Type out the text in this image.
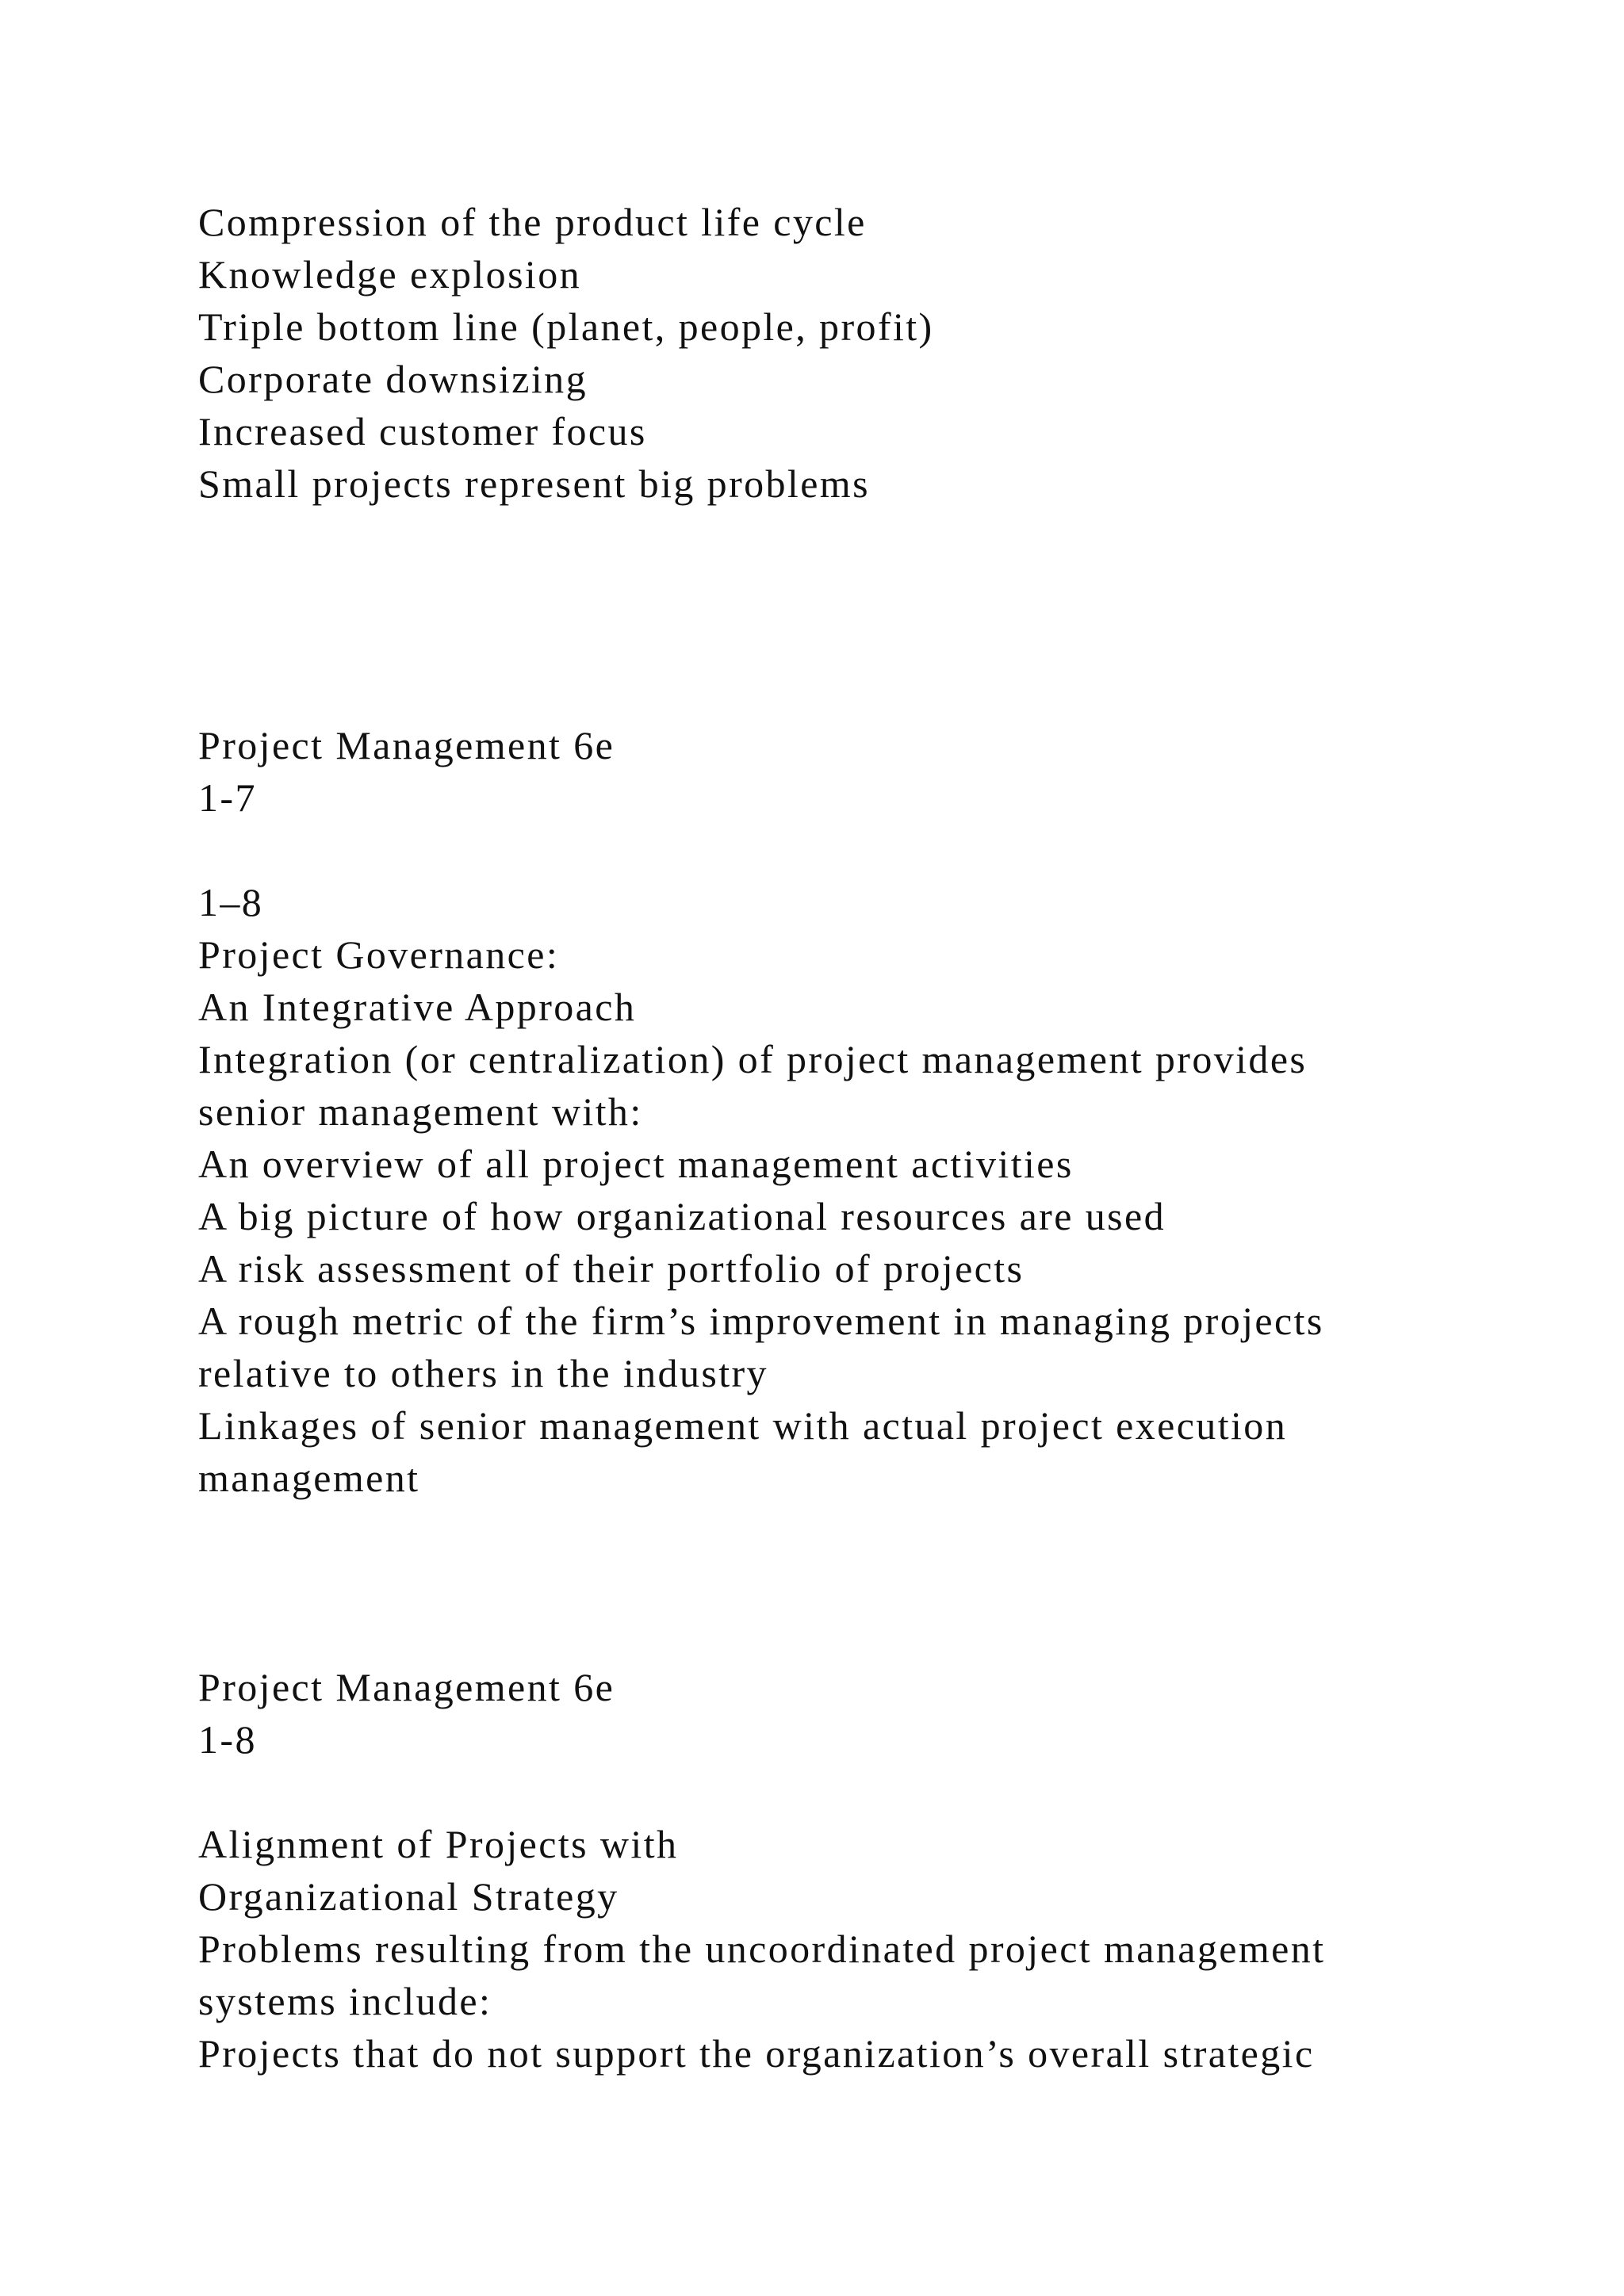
Compression of the product life cycle
Knowledge explosion
Triple bottom line (planet, people, profit)
Corporate downsizing
Increased customer focus
Small projects represent big problems
Project Management 6e
1-7
1–8
Project Governance:
An Integrative Approach
Integration (or centralization) of project management provides
senior management with:
An overview of all project management activities
A big picture of how organizational resources are used
A risk assessment of their portfolio of projects
A rough metric of the firm’s improvement in managing projects
relative to others in the industry
Linkages of senior management with actual project execution
management
Project Management 6e
1-8
Alignment of Projects with
Organizational Strategy
Problems resulting from the uncoordinated project management
systems include:
Projects that do not support the organization’s overall strategic
